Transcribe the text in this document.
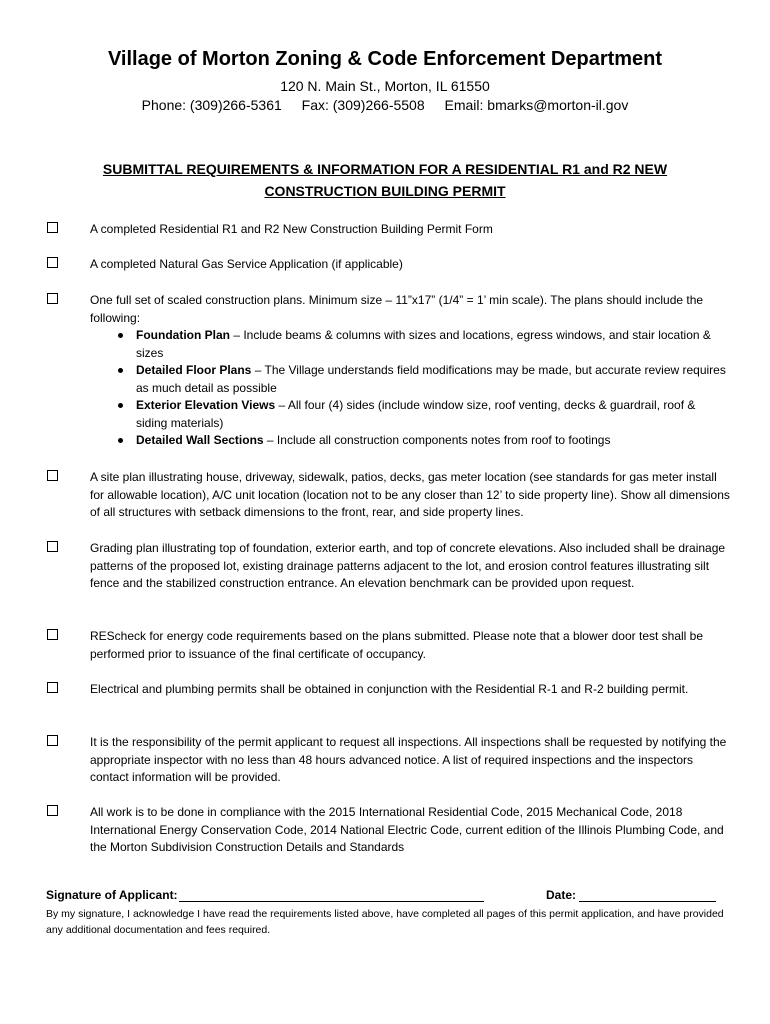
Village of Morton Zoning & Code Enforcement Department
120 N. Main St., Morton, IL 61550
Phone: (309)266-5361 Fax: (309)266-5508 Email: bmarks@morton-il.gov
SUBMITTAL REQUIREMENTS & INFORMATION FOR A RESIDENTIAL R1 and R2 NEW CONSTRUCTION BUILDING PERMIT
A completed Residential R1 and R2 New Construction Building Permit Form
A completed Natural Gas Service Application (if applicable)
One full set of scaled construction plans. Minimum size – 11”x17” (1/4” = 1’ min scale). The plans should include the following:
Foundation Plan – Include beams & columns with sizes and locations, egress windows, and stair location & sizes
Detailed Floor Plans – The Village understands field modifications may be made, but accurate review requires as much detail as possible
Exterior Elevation Views – All four (4) sides (include window size, roof venting, decks & guardrail, roof & siding materials)
Detailed Wall Sections – Include all construction components notes from roof to footings
A site plan illustrating house, driveway, sidewalk, patios, decks, gas meter location (see standards for gas meter install for allowable location), A/C unit location (location not to be any closer than 12’ to side property line). Show all dimensions of all structures with setback dimensions to the front, rear, and side property lines.
Grading plan illustrating top of foundation, exterior earth, and top of concrete elevations. Also included shall be drainage patterns of the proposed lot, existing drainage patterns adjacent to the lot, and erosion control features illustrating silt fence and the stabilized construction entrance. An elevation benchmark can be provided upon request.
REScheck for energy code requirements based on the plans submitted. Please note that a blower door test shall be performed prior to issuance of the final certificate of occupancy.
Electrical and plumbing permits shall be obtained in conjunction with the Residential R-1 and R-2 building permit.
It is the responsibility of the permit applicant to request all inspections. All inspections shall be requested by notifying the appropriate inspector with no less than 48 hours advanced notice. A list of required inspections and the inspectors contact information will be provided.
All work is to be done in compliance with the 2015 International Residential Code, 2015 Mechanical Code, 2018 International Energy Conservation Code, 2014 National Electric Code, current edition of the Illinois Plumbing Code, and the Morton Subdivision Construction Details and Standards
Signature of Applicant:	Date:
By my signature, I acknowledge I have read the requirements listed above, have completed all pages of this permit application, and have provided any additional documentation and fees required.
